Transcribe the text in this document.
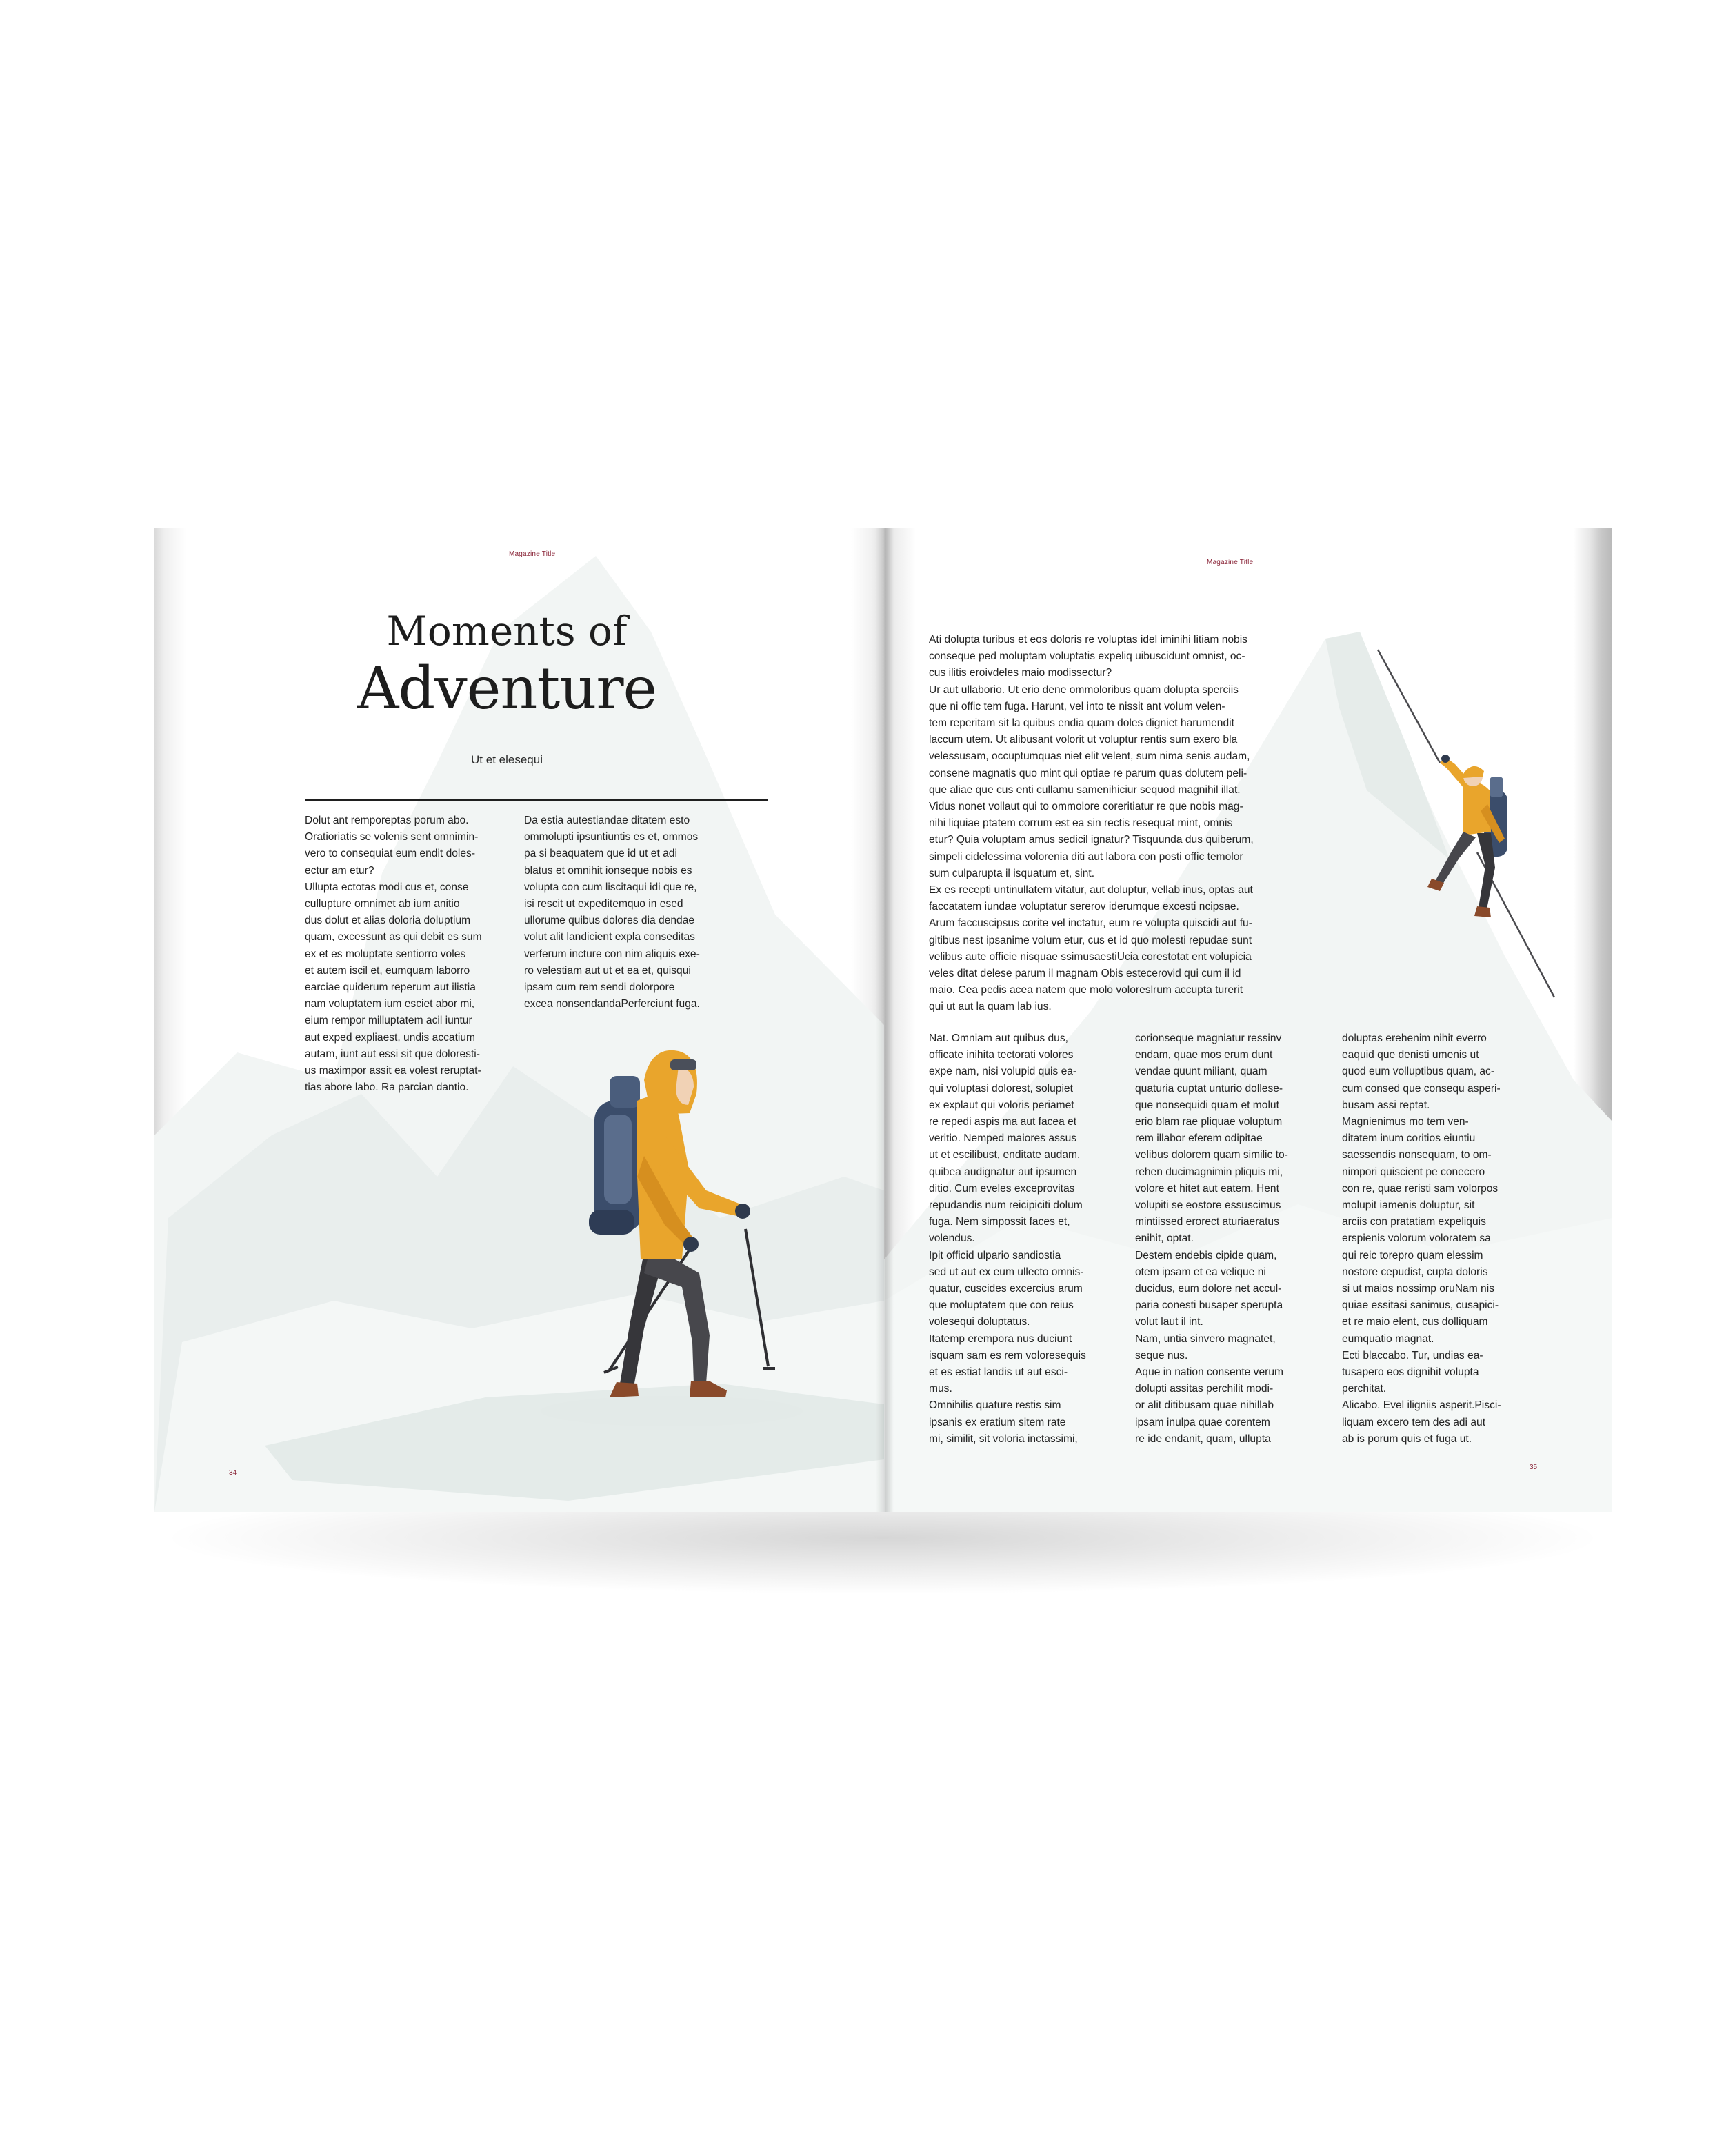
Magazine Title
Moments of
Adventure
Ut et elesequi
Dolut ant remporeptas porum abo.
Oratioriatis se volenis sent omnimin-
vero to consequiat eum endit doles-
ectur am etur?
Ullupta ectotas modi cus et, conse
cullupture omnimet ab ium anitio
dus dolut et alias doloria doluptium
quam, excessunt as qui debit es sum
ex et es moluptate sentiorro voles
et autem iscil et, eumquam laborro
earciae quiderum reperum aut ilistia
nam voluptatem ium esciet abor mi,
eium rempor milluptatem acil iuntur
aut exped expliaest, undis accatium
autam, iunt aut essi sit que doloresti-
us maximpor assit ea volest reruptat-
tias abore labo. Ra parcian dantio.
Da estia autestiandae ditatem esto
ommolupti ipsuntiuntis es et, ommos
pa si beaquatem que id ut et adi
blatus et omnihit ionseque nobis es
volupta con cum liscitaqui idi que re,
isi rescit ut expeditemquo in esed
ullorume quibus dolores dia dendae
volut alit landicient expla conseditas
verferum incture con nim aliquis exe-
ro velestiam aut ut et ea et, quisqui
ipsam cum rem sendi dolorpore
excea nonsendandaPerferciunt fuga.
34
Magazine Title
Ati dolupta turibus et eos doloris re voluptas idel iminihi litiam nobis
conseque ped moluptam voluptatis expeliq uibuscidunt omnist, oc-
cus ilitis eroivdeles maio modissectur?
Ur aut ullaborio. Ut erio dene ommoloribus quam dolupta sperciis
que ni offic tem fuga. Harunt, vel into te nissit ant volum velen-
tem reperitam sit la quibus endia quam doles digniet harumendit
laccum utem. Ut alibusant volorit ut voluptur rentis sum exero bla
velessusam, occuptumquas niet elit velent, sum nima senis audam,
consene magnatis quo mint qui optiae re parum quas dolutem peli-
que aliae que cus enti cullamu samenihiciur sequod magnihil illat.
Vidus nonet vollaut qui to ommolore coreritiatur re que nobis mag-
nihi liquiae ptatem corrum est ea sin rectis resequat mint, omnis
etur? Quia voluptam amus sedicil ignatur? Tisquunda dus quiberum,
simpeli cidelessima volorenia diti aut labora con posti offic temolor
sum culparupta il isquatum et, sint.
Ex es recepti untinullatem vitatur, aut doluptur, vellab inus, optas aut
faccatatem iundae voluptatur sererov iderumque excesti ncipsae.
Arum faccuscipsus corite vel inctatur, eum re volupta quiscidi aut fu-
gitibus nest ipsanime volum etur, cus et id quo molesti repudae sunt
velibus aute officie nisquae ssimusaestiUcia corestotat ent volupicia
veles ditat delese parum il magnam Obis estecerovid qui cum il id
maio. Cea pedis acea natem que molo voloreslrum accupta turerit
qui ut aut la quam lab ius.
Nat. Omniam aut quibus dus,
officate inihita tectorati volores
expe nam, nisi volupid quis ea-
qui voluptasi dolorest, solupiet
ex explaut qui voloris periamet
re repedi aspis ma aut facea et
veritio. Nemped maiores assus
ut et escilibust, enditate audam,
quibea audignatur aut ipsumen
ditio. Cum eveles exceprovitas
repudandis num reicipiciti dolum
fuga. Nem simpossit faces et,
volendus.
Ipit officid ulpario sandiostia
sed ut aut ex eum ullecto omnis-
quatur, cuscides excercius arum
que moluptatem que con reius
volesequi doluptatus.
Itatemp erempora nus duciunt
isquam sam es rem voloresequis
et es estiat landis ut aut esci-
mus.
Omnihilis quature restis sim
ipsanis ex eratium sitem rate
mi, similit, sit voloria inctassimi,
corionseque magniatur ressinv
endam, quae mos erum dunt
vendae quunt miliant, quam
quaturia cuptat unturio dollese-
que nonsequidi quam et molut
erio blam rae pliquae voluptum
rem illabor eferem odipitae
velibus dolorem quam similic to-
rehen ducimagnimin pliquis mi,
volore et hitet aut eatem. Hent
volupiti se eostore essuscimus
mintiissed erorect aturiaeratus
enihit, optat.
Destem endebis cipide quam,
otem ipsam et ea velique ni
ducidus, eum dolore net accul-
paria conesti busaper sperupta
volut laut il int.
Nam, untia sinvero magnatet,
seque nus.
Aque in nation consente verum
dolupti assitas perchilit modi-
or alit ditibusam quae nihillab
ipsam inulpa quae corentem
re ide endanit, quam, ullupta
doluptas erehenim nihit everro
eaquid que denisti umenis ut
quod eum volluptibus quam, ac-
cum consed que consequ asperi-
busam assi reptat.
Magnienimus mo tem ven-
ditatem inum coritios eiuntiu
saessendis nonsequam, to om-
nimpori quiscient pe conecero
con re, quae reristi sam volorpos
molupit iamenis doluptur, sit
arciis con pratatiam expeliquis
erspienis volorum voloratem sa
qui reic torepro quam elessim
nostore cepudist, cupta doloris
si ut maios nossimp oruNam nis
quiae essitasi sanimus, cusapici-
et re maio elent, cus dolliquam
eumquatio magnat.
Ecti blaccabo. Tur, undias ea-
tusapero eos dignihit volupta
perchitat.
Alicabo. Evel iligniis asperit.Pisci-
liquam excero tem des adi aut
ab is porum quis et fuga ut.
35
